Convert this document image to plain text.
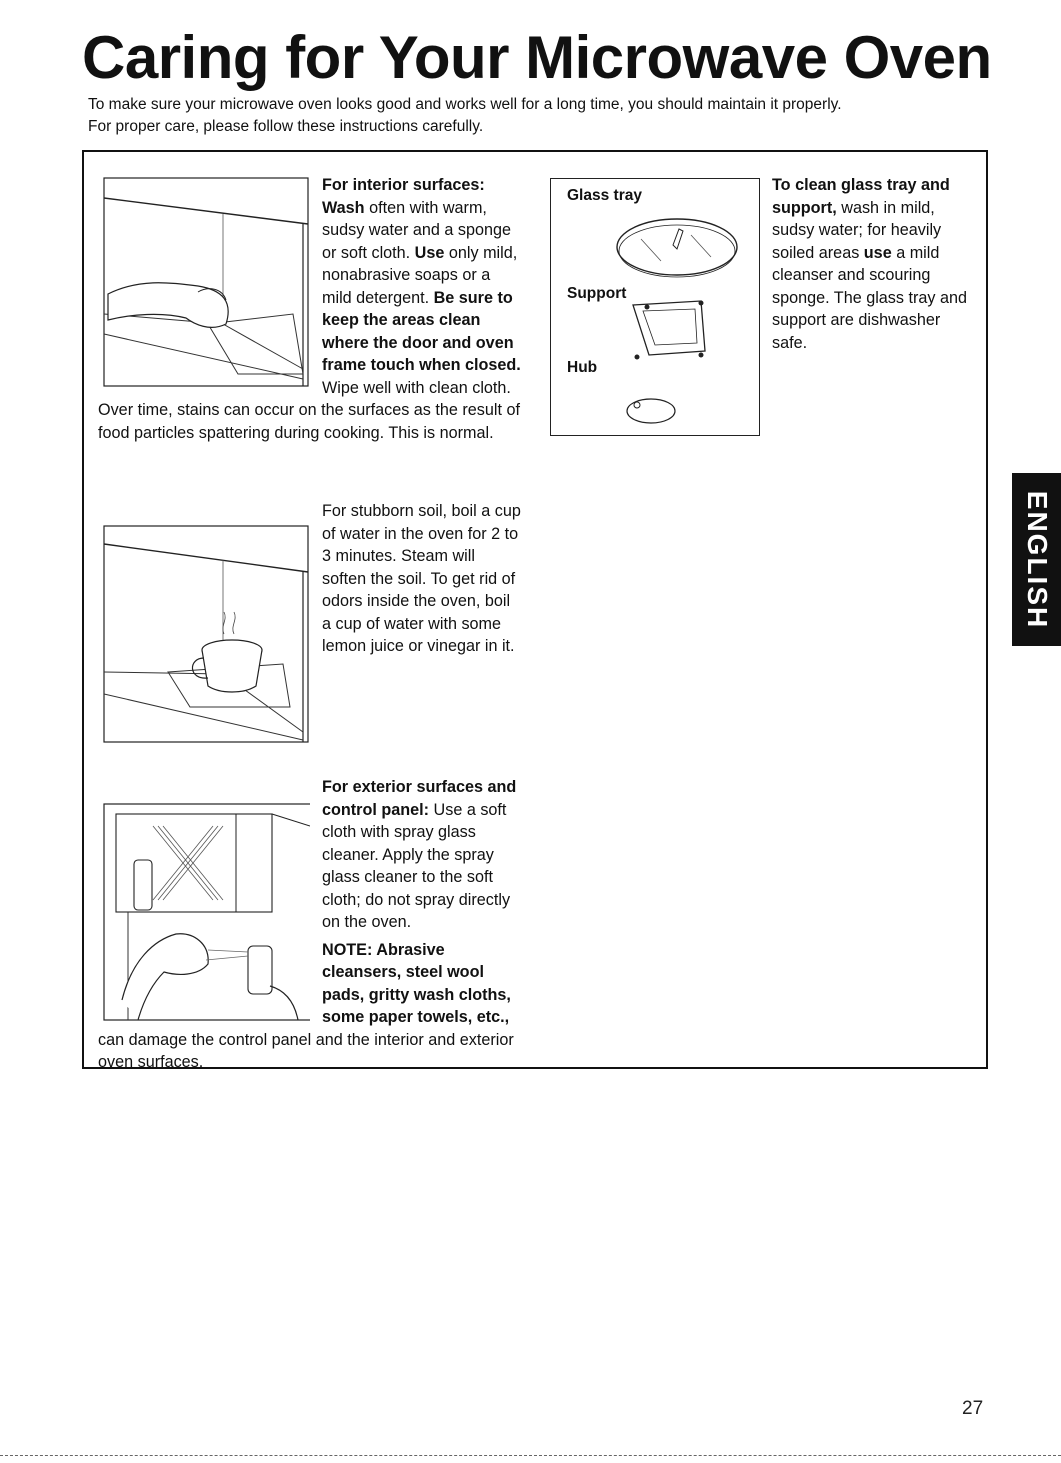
Caring for Your Microwave Oven

To make sure your microwave oven looks good and works well for a long time, you should maintain it properly. For proper care, please follow these instructions carefully.

For interior surfaces: Wash often with warm, sudsy water and a sponge or soft cloth. Use only mild, nonabrasive soaps or a mild detergent. Be sure to keep the areas clean where the door and oven frame touch when closed. Wipe well with clean cloth. Over time, stains can occur on the surfaces as the result of food particles spattering during cooking. This is normal.
For stubborn soil, boil a cup of water in the oven for 2 to 3 minutes. Steam will soften the soil. To get rid of odors inside the oven, boil a cup of water with some lemon juice or vinegar in it.
For exterior surfaces and control panel: Use a soft cloth with spray glass cleaner. Apply the spray glass cleaner to the soft cloth; do not spray directly on the oven.
NOTE: Abrasive cleansers, steel wool pads, gritty wash cloths, some paper towels, etc., can damage the control panel and the interior and exterior oven surfaces.
Glass tray
Support
Hub
To clean glass tray and support, wash in mild, sudsy water; for heavily soiled areas use a mild cleanser and scouring sponge. The glass tray and support are dishwasher safe.
ENGLISH
27
